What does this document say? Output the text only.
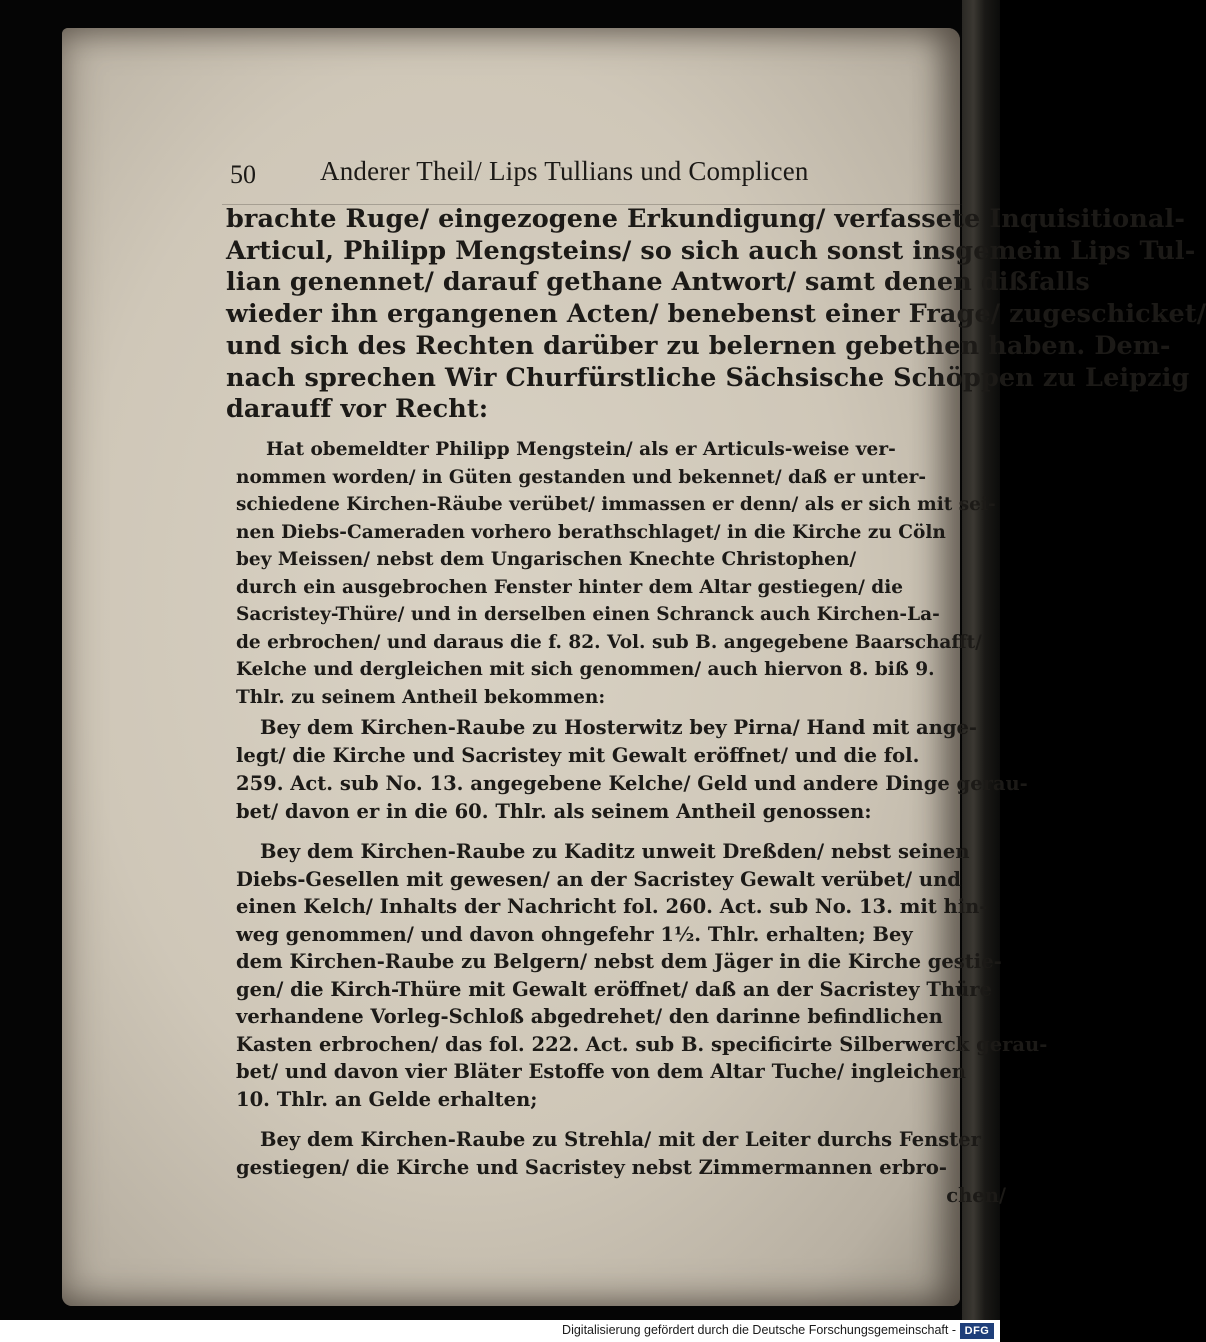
50 Anderer Theil/ Lips Tullians und Complicen
brachte Ruge/ eingezogene Erkundigung/ verfassete Inquisitional-
Articul, Philipp Mengsteins/ so sich auch sonst insgemein Lips Tul-
lian genennet/ darauf gethane Antwort/ samt denen dißfalls
wieder ihn ergangenen Acten/ benebenst einer Frage/ zugeschicket/
und sich des Rechten darüber zu belernen gebethen haben. Dem-
nach sprechen Wir Churfürstliche Sächsische Schöppen zu Leipzig
darauff vor Recht:
Hat obemeldter Philipp Mengstein/ als er Articuls-weise ver-
nommen worden/ in Güten gestanden und bekennet/ daß er unter-
schiedene Kirchen-Räube verübet/ immassen er denn/ als er sich mit sei-
nen Diebs-Cameraden vorhero berathschlaget/ in die Kirche zu Cöln
bey Meissen/ nebst dem Ungarischen Knechte Christophen/
durch ein ausgebrochen Fenster hinter dem Altar gestiegen/ die
Sacristey-Thüre/ und in derselben einen Schranck auch Kirchen-La-
de erbrochen/ und daraus die f. 82. Vol. sub B. angegebene Baarschafft/
Kelche und dergleichen mit sich genommen/ auch hiervon 8. biß 9.
Thlr. zu seinem Antheil bekommen:
Bey dem Kirchen-Raube zu Hosterwitz bey Pirna/ Hand mit ange-
legt/ die Kirche und Sacristey mit Gewalt eröffnet/ und die fol.
259. Act. sub No. 13. angegebene Kelche/ Geld und andere Dinge gerau-
bet/ davon er in die 60. Thlr. als seinem Antheil genossen:
Bey dem Kirchen-Raube zu Kaditz unweit Dreßden/ nebst seinen
Diebs-Gesellen mit gewesen/ an der Sacristey Gewalt verübet/ und
einen Kelch/ Inhalts der Nachricht fol. 260. Act. sub No. 13. mit hin-
weg genommen/ und davon ohngefehr 1½. Thlr. erhalten; Bey
dem Kirchen-Raube zu Belgern/ nebst dem Jäger in die Kirche gestie-
gen/ die Kirch-Thüre mit Gewalt eröffnet/ daß an der Sacristey Thüre
verhandene Vorleg-Schloß abgedrehet/ den darinne befindlichen
Kasten erbrochen/ das fol. 222. Act. sub B. specificirte Silberwerck gerau-
bet/ und davon vier Bläter Estoffe von dem Altar Tuche/ ingleichen
10. Thlr. an Gelde erhalten;
Bey dem Kirchen-Raube zu Strehla/ mit der Leiter durchs Fenster
gestiegen/ die Kirche und Sacristey nebst Zimmermannen erbro-
chen/
Digitalisierung gefördert durch die Deutsche Forschungsgemeinschaft - DFG
